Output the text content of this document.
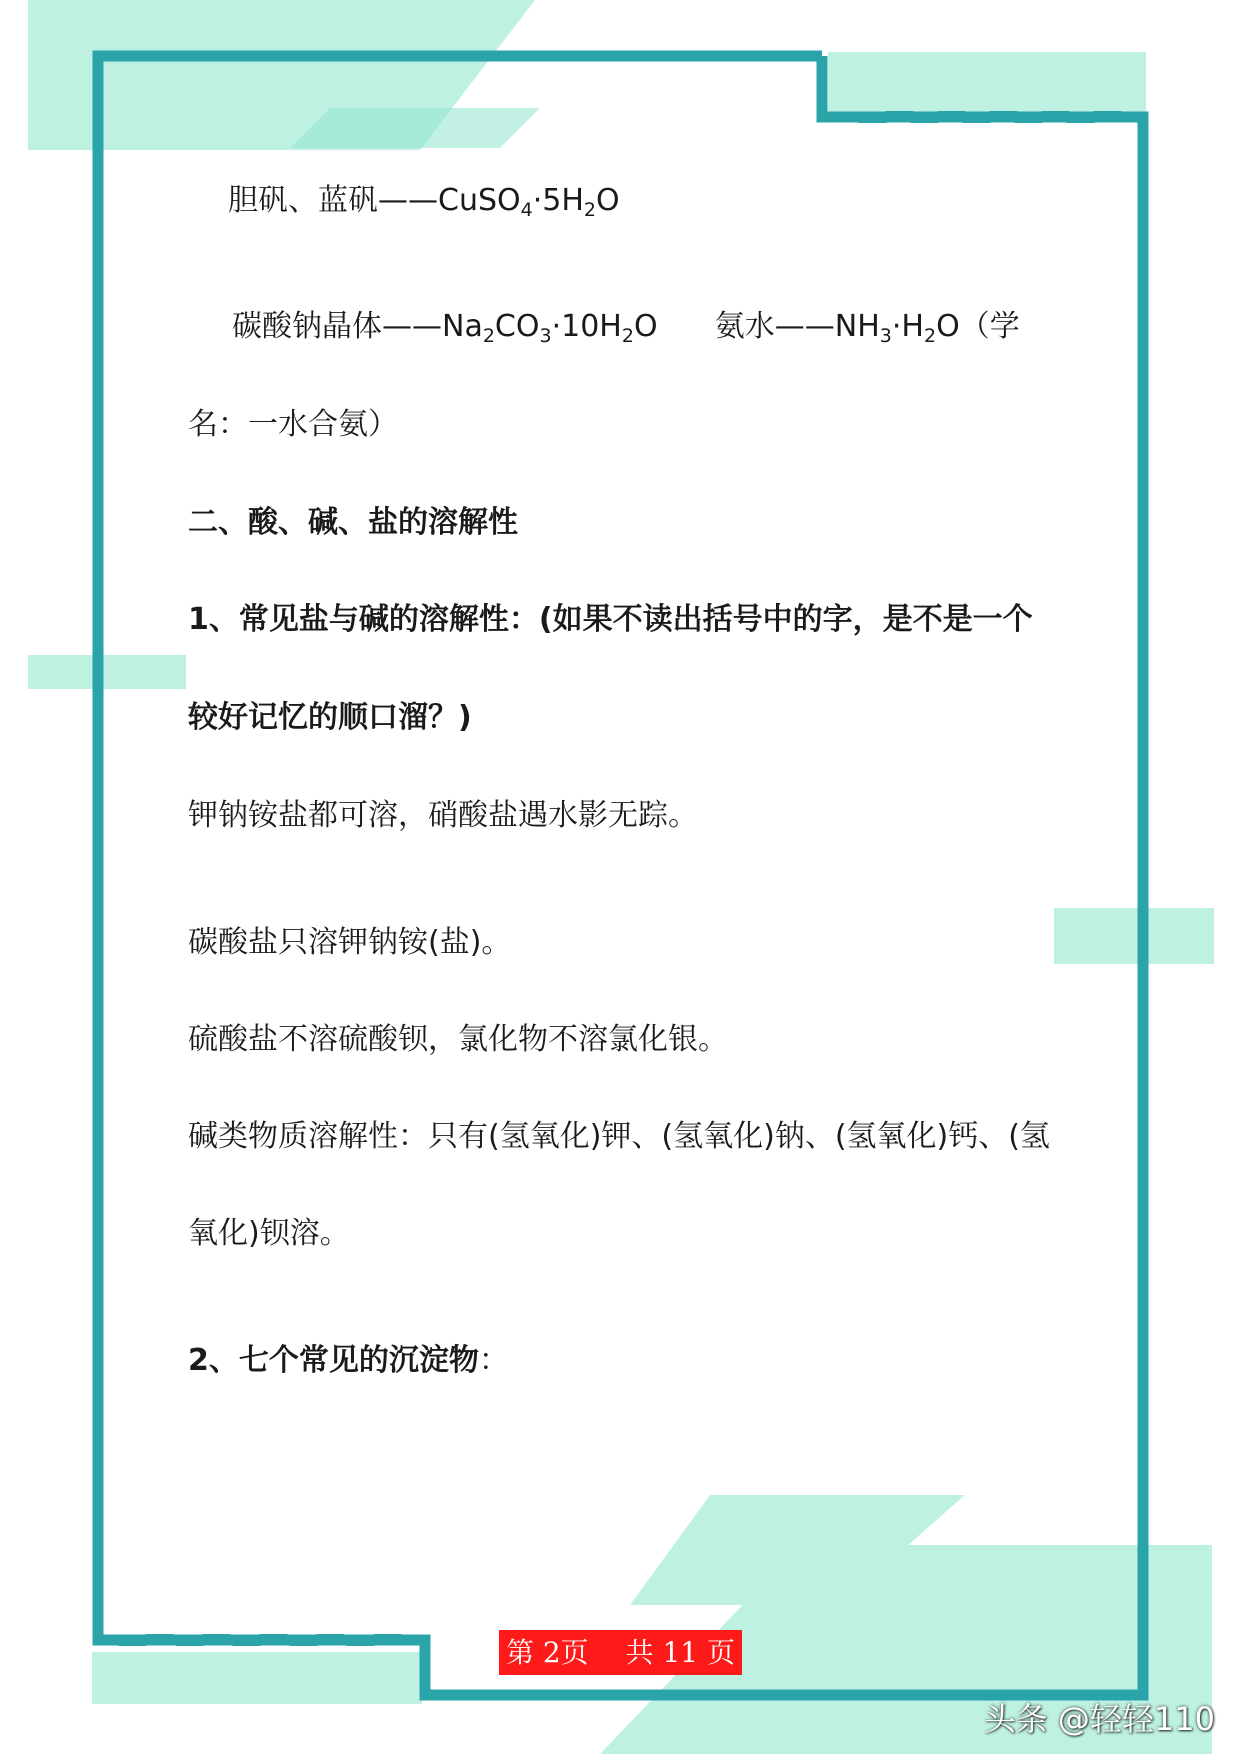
胆矾、蓝矾$——CuSO_4\cdot 5H_2O$
碳酸钠晶体$——Na_2CO_3\cdot 10H_2O$      氨水$——NH_3\cdot H_2O$（学
名：一水合氨）
二、酸、碱、盐的溶解性
1、常见盐与碱的溶解性：(如果不读出括号中的字，是不是一个
较好记忆的顺口溜？)
钾钠铵盐都可溶，硝酸盐遇水影无踪。
碳酸盐只溶钾钠铵(盐)。
硫酸盐不溶硫酸钡，氯化物不溶氯化银。
碱类物质溶解性：只有(氢氧化)钾、(氢氧化)钠、(氢氧化)钙、(氢
氧化)钡溶。
2、七个常见的沉淀物：
第 2页　 共 11 页
头条 @轻轻110
